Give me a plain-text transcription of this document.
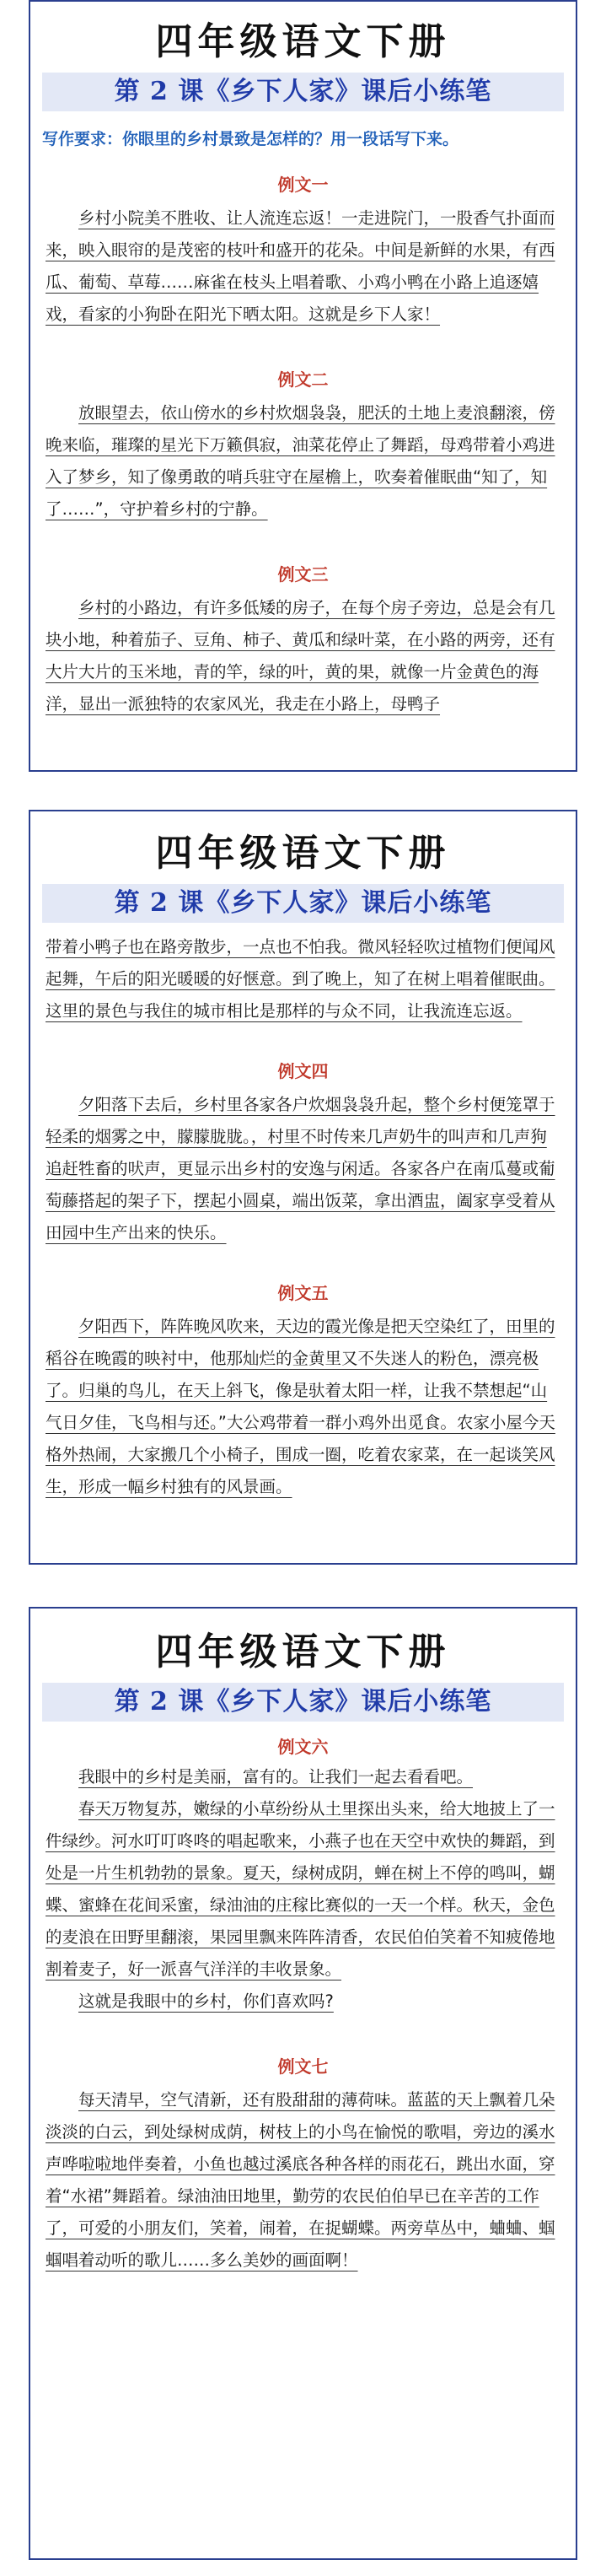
四年级语文下册
第 2 课《乡下人家》课后小练笔
写作要求：你眼里的乡村景致是怎样的？用一段话写下来。
例文一
乡村小院美不胜收、让人流连忘返！一走进院门，一股香气扑面而来，映入眼帘的是茂密的枝叶和盛开的花朵。中间是新鲜的水果，有西瓜、葡萄、草莓……麻雀在枝头上唱着歌、小鸡小鸭在小路上追逐嬉戏，看家的小狗卧在阳光下晒太阳。这就是乡下人家！
例文二
放眼望去，依山傍水的乡村炊烟袅袅，肥沃的土地上麦浪翻滚，傍晚来临，璀璨的星光下万籁俱寂，油菜花停止了舞蹈，母鸡带着小鸡进入了梦乡，知了像勇敢的哨兵驻守在屋檐上，吹奏着催眠曲“知了，知了……”，守护着乡村的宁静。
例文三
乡村的小路边，有许多低矮的房子，在每个房子旁边，总是会有几块小地，种着茄子、豆角、柿子、黄瓜和绿叶菜，在小路的两旁，还有大片大片的玉米地，青的竿，绿的叶，黄的果，就像一片金黄色的海洋，显出一派独特的农家风光，我走在小路上，母鸭子
四年级语文下册
第 2 课《乡下人家》课后小练笔
带着小鸭子也在路旁散步，一点也不怕我。微风轻轻吹过植物们便闻风起舞，午后的阳光暖暖的好惬意。到了晚上，知了在树上唱着催眠曲。这里的景色与我住的城市相比是那样的与众不同，让我流连忘返。
例文四
夕阳落下去后，乡村里各家各户炊烟袅袅升起，整个乡村便笼罩于轻柔的烟雾之中，朦朦胧胧。，村里不时传来几声奶牛的叫声和几声狗追赶牲畜的吠声，更显示出乡村的安逸与闲适。各家各户在南瓜蔓或葡萄藤搭起的架子下，摆起小圆桌，端出饭菜，拿出酒盅，阖家享受着从田园中生产出来的快乐。
例文五
夕阳西下，阵阵晚风吹来，天边的霞光像是把天空染红了，田里的稻谷在晚霞的映衬中，他那灿烂的金黄里又不失迷人的粉色，漂亮极了。归巢的鸟儿，在天上斜飞，像是驮着太阳一样，让我不禁想起“山气日夕佳，飞鸟相与还。”大公鸡带着一群小鸡外出觅食。农家小屋今天格外热闹，大家搬几个小椅子，围成一圈，吃着农家菜，在一起谈笑风生，形成一幅乡村独有的风景画。
四年级语文下册
第 2 课《乡下人家》课后小练笔
例文六
我眼中的乡村是美丽，富有的。让我们一起去看看吧。
春天万物复苏，嫩绿的小草纷纷从土里探出头来，给大地披上了一件绿纱。河水叮叮咚咚的唱起歌来，小燕子也在天空中欢快的舞蹈，到处是一片生机勃勃的景象。夏天，绿树成阴，蝉在树上不停的鸣叫，蝴蝶、蜜蜂在花间采蜜，绿油油的庄稼比赛似的一天一个样。秋天，金色的麦浪在田野里翻滚，果园里飘来阵阵清香，农民伯伯笑着不知疲倦地割着麦子，好一派喜气洋洋的丰收景象。
这就是我眼中的乡村，你们喜欢吗?
例文七
每天清早，空气清新，还有股甜甜的薄荷味。蓝蓝的天上飘着几朵淡淡的白云，到处绿树成荫，树枝上的小鸟在愉悦的歌唱，旁边的溪水声哗啦啦地伴奏着，小鱼也越过溪底各种各样的雨花石，跳出水面，穿着“水裙”舞蹈着。绿油油田地里，勤劳的农民伯伯早已在辛苦的工作了，可爱的小朋友们，笑着，闹着，在捉蝴蝶。两旁草丛中，蛐蛐、蝈蝈唱着动听的歌儿……多么美妙的画面啊！
